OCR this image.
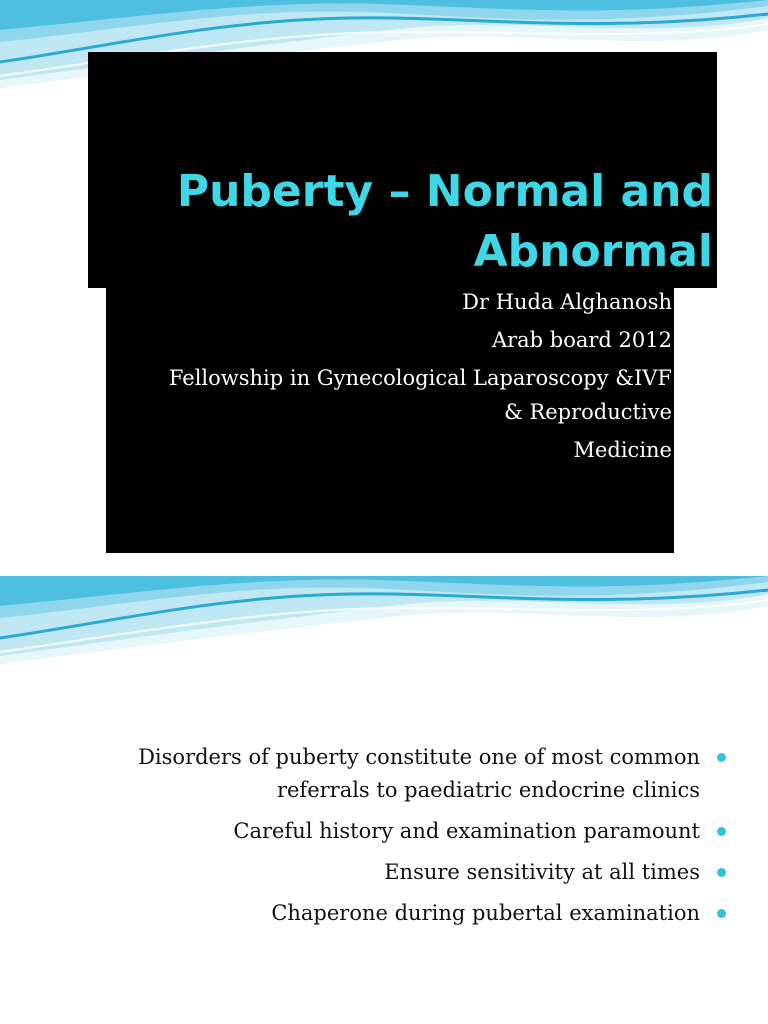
Puberty – Normal and
Abnormal
Dr Huda Alghanosh
Arab board 2012
Fellowship in Gynecological Laparoscopy &IVF
& Reproductive
Medicine
Disorders of puberty constitute one of most common referrals to paediatric endocrine clinics
Careful history and examination paramount
Ensure sensitivity at all times
Chaperone during pubertal examination
